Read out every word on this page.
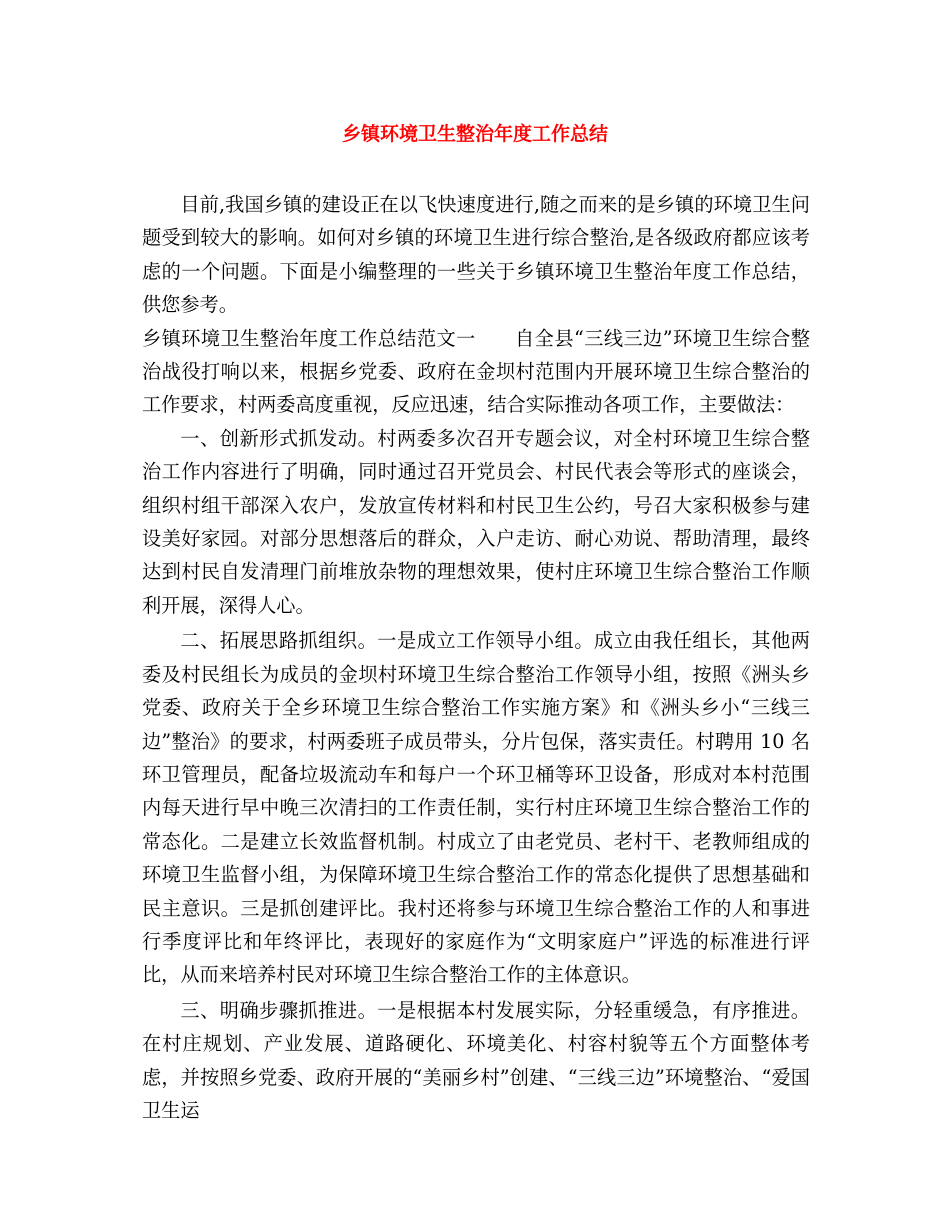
乡镇环境卫生整治年度工作总结

目前,我国乡镇的建设正在以飞快速度进行,随之而来的是乡镇的环境卫生问题受到较大的影响。如何对乡镇的环境卫生进行综合整治,是各级政府都应该考虑的一个问题。下面是小编整理的一些关于乡镇环境卫生整治年度工作总结，供您参考。

乡镇环境卫生整治年度工作总结范文一　　自全县“三线三边”环境卫生综合整治战役打响以来，根据乡党委、政府在金坝村范围内开展环境卫生综合整治的工作要求，村两委高度重视，反应迅速，结合实际推动各项工作，主要做法：

一、创新形式抓发动。村两委多次召开专题会议，对全村环境卫生综合整治工作内容进行了明确，同时通过召开党员会、村民代表会等形式的座谈会，组织村组干部深入农户，发放宣传材料和村民卫生公约，号召大家积极参与建设美好家园。对部分思想落后的群众，入户走访、耐心劝说、帮助清理，最终达到村民自发清理门前堆放杂物的理想效果，使村庄环境卫生综合整治工作顺利开展，深得人心。

二、拓展思路抓组织。一是成立工作领导小组。成立由我任组长，其他两委及村民组长为成员的金坝村环境卫生综合整治工作领导小组，按照《洲头乡党委、政府关于全乡环境卫生综合整治工作实施方案》和《洲头乡小“三线三边”整治》的要求，村两委班子成员带头，分片包保，落实责任。村聘用 10 名环卫管理员，配备垃圾流动车和每户一个环卫桶等环卫设备，形成对本村范围内每天进行早中晚三次清扫的工作责任制，实行村庄环境卫生综合整治工作的常态化。二是建立长效监督机制。村成立了由老党员、老村干、老教师组成的环境卫生监督小组，为保障环境卫生综合整治工作的常态化提供了思想基础和民主意识。三是抓创建评比。我村还将参与环境卫生综合整治工作的人和事进行季度评比和年终评比，表现好的家庭作为“文明家庭户”评选的标准进行评比，从而来培养村民对环境卫生综合整治工作的主体意识。

三、明确步骤抓推进。一是根据本村发展实际，分轻重缓急，有序推进。在村庄规划、产业发展、道路硬化、环境美化、村容村貌等五个方面整体考虑，并按照乡党委、政府开展的“美丽乡村”创建、“三线三边”环境整治、“爱国卫生运
